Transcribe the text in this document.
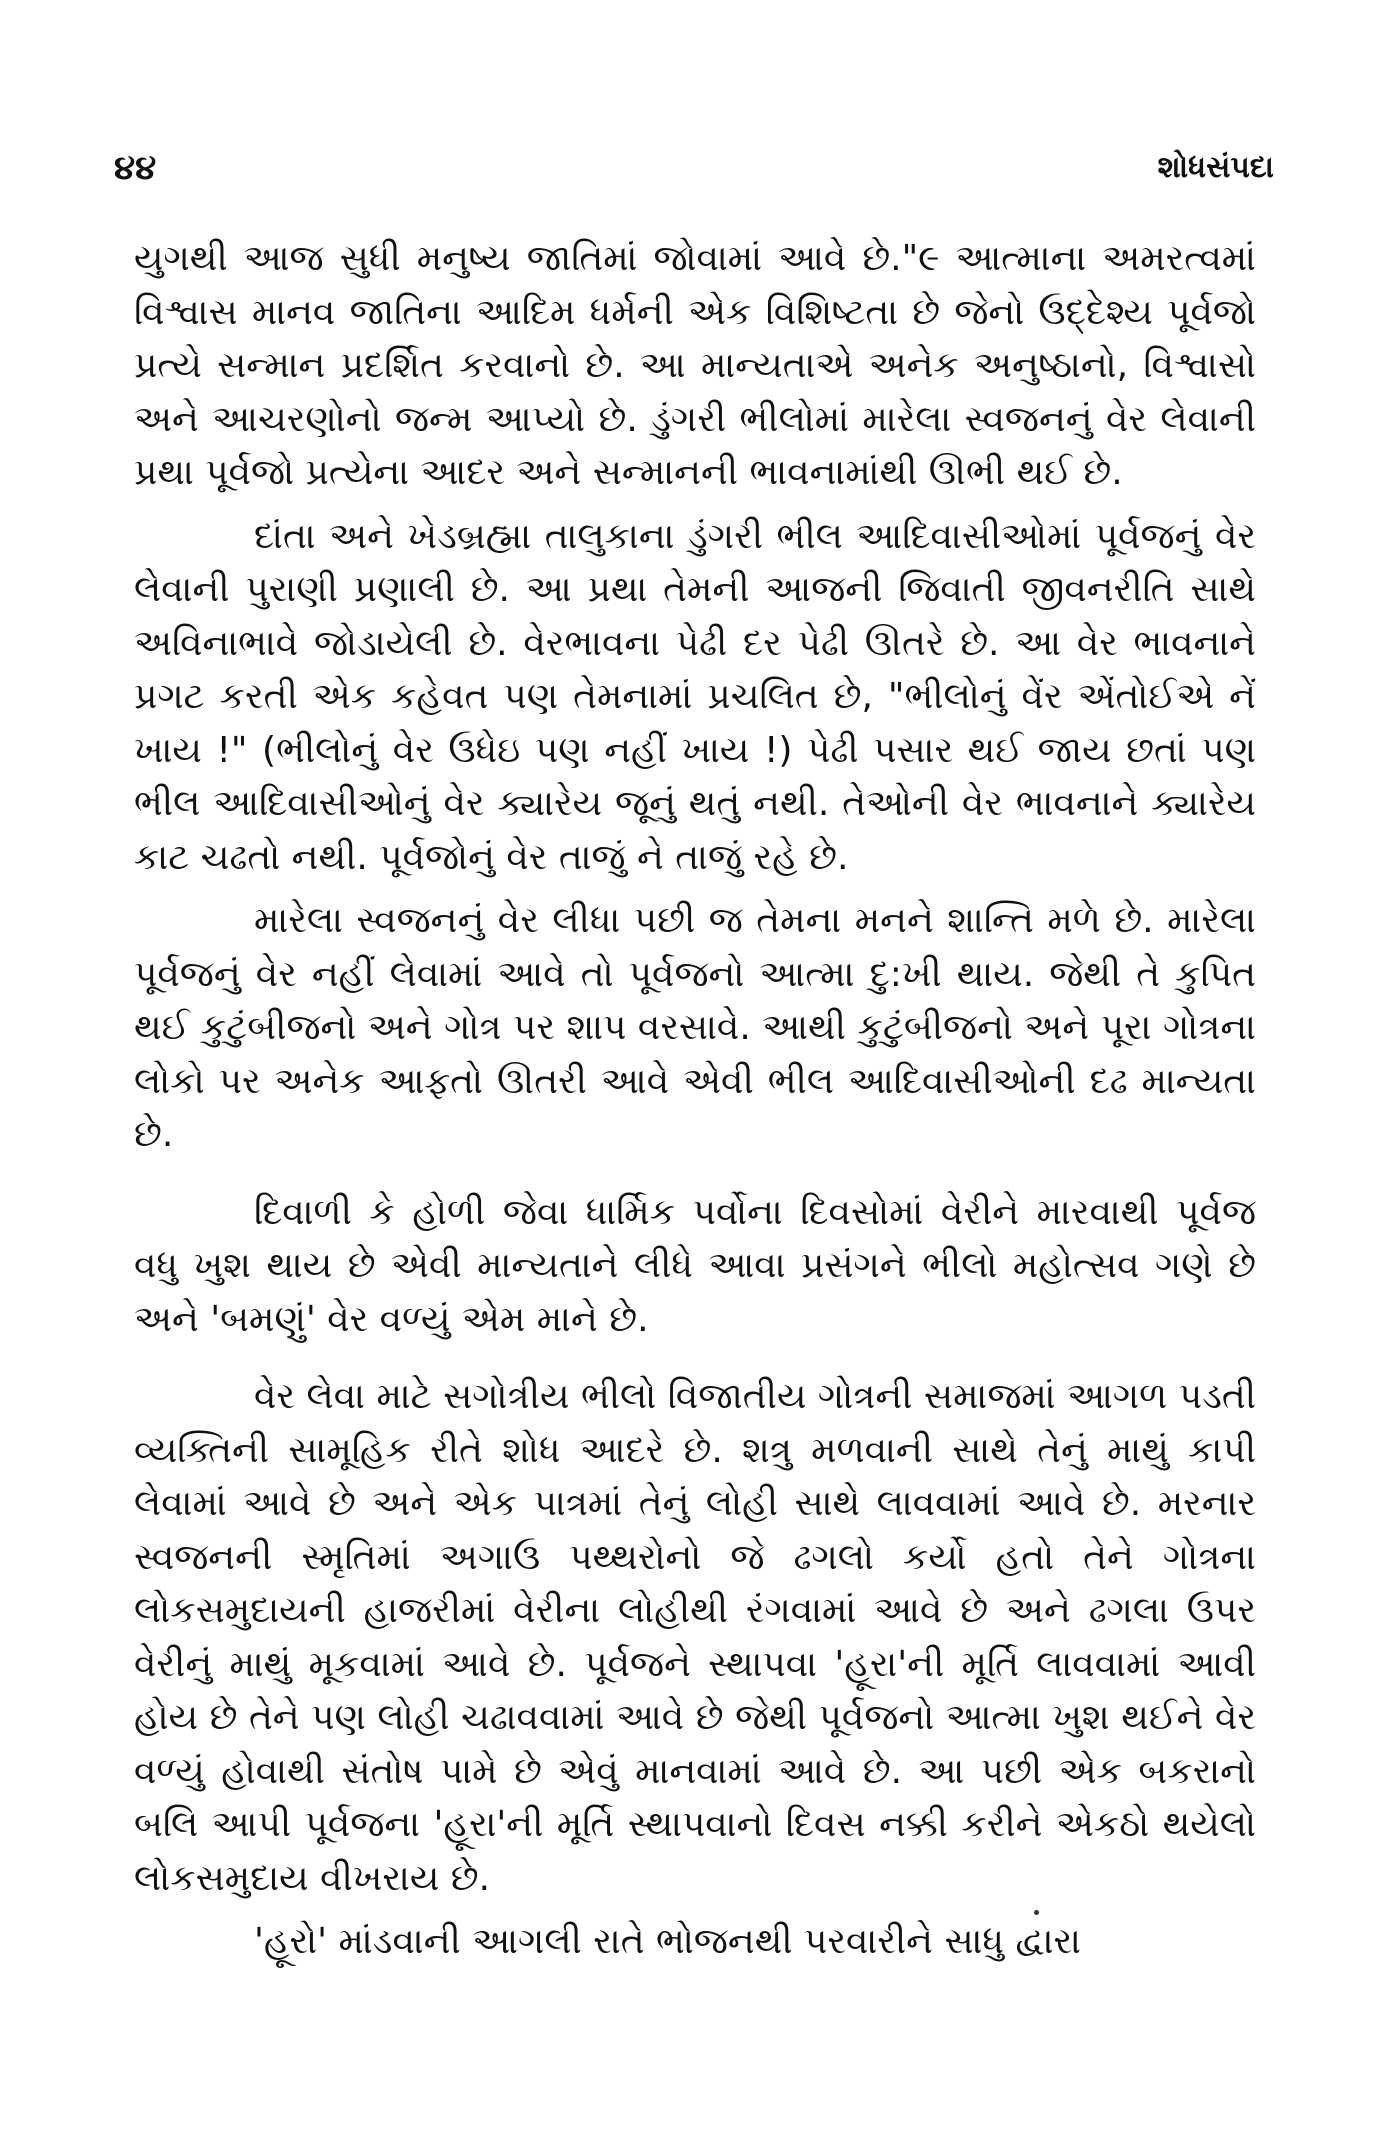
૪૪	શોધસંપદા

યુગથી આજ સુધી મનુષ્ય જાતિમાં જોવામાં આવે છે."૯ આત્માના અમરત્વમાં વિશ્વાસ માનવ જાતિના આદિમ ધર્મની એક વિશિષ્ટતા છે જેનો ઉદ્દેશ્ય પૂર્વજો પ્રત્યે સન્માન પ્રદર્શિત કરવાનો છે. આ માન્યતાએ અનેક અનુષ્ઠાનો, વિશ્વાસો અને આચરણોનો જન્મ આપ્યો છે. ડુંગરી ભીલોમાં મારેલા સ્વજનનું વેર લેવાની પ્રથા પૂર્વજો પ્રત્યેના આદર અને સન્માનની ભાવનામાંથી ઊભી થઈ છે.

દાંતા અને ખેડબ્રહ્મા તાલુકાના ડુંગરી ભીલ આદિવાસીઓમાં પૂર્વજનું વેર લેવાની પુરાણી પ્રણાલી છે. આ પ્રથા તેમની આજની જિવાતી જીવનરીતિ સાથે અવિનાભાવે જોડાયેલી છે. વેરભાવના પેઢી દર પેઢી ઊતરે છે. આ વેર ભાવનાને પ્રગટ કરતી એક કહેવત પણ તેમનામાં પ્રચલિત છે, "ભીલોનું વેંર એંતોઈએ નેં ખાય !" (ભીલોનું વેર ઉધેઇ પણ નહીં ખાય !) પેઢી પસાર થઈ જાય છતાં પણ ભીલ આદિવાસીઓનું વેર ક્યારેય જૂનું થતું નથી. તેઓની વેર ભાવનાને ક્યારેય કાટ ચઢતો નથી. પૂર્વજોનું વેર તાજું ને તાજું રહે છે.

મારેલા સ્વજનનું વેર લીધા પછી જ તેમના મનને શાન્તિ મળે છે. મારેલા પૂર્વજનું વેર નહીં લેવામાં આવે તો પૂર્વજનો આત્મા દુ:ખી થાય. જેથી તે કુપિત થઈ કુટુંબીજનો અને ગોત્ર પર શાપ વરસાવે. આથી કુટુંબીજનો અને પૂરા ગોત્રના લોકો પર અનેક આફતો ઊતરી આવે એવી ભીલ આદિવાસીઓની દઢ માન્યતા છે.

દિવાળી કે હોળી જેવા ધાર્મિક પર્વોના દિવસોમાં વેરીને મારવાથી પૂર્વજ વધુ ખુશ થાય છે એવી માન્યતાને લીધે આવા પ્રસંગને ભીલો મહોત્સવ ગણે છે અને 'બમણું' વેર વળ્યું એમ માને છે.

વેર લેવા માટે સગોત્રીય ભીલો વિજાતીય ગોત્રની સમાજમાં આગળ પડતી વ્યક્તિની સામૂહિક રીતે શોધ આદરે છે. શત્રુ મળવાની સાથે તેનું માથું કાપી લેવામાં આવે છે અને એક પાત્રમાં તેનું લોહી સાથે લાવવામાં આવે છે. મરનાર સ્વજનની સ્મૃતિમાં અગાઉ પથ્થરોનો જે ઢગલો કર્યો હતો તેને ગોત્રના લોકસમુદાયની હાજરીમાં વેરીના લોહીથી રંગવામાં આવે છે અને ઢગલા ઉપર વેરીનું માથું મૂકવામાં આવે છે. પૂર્વજને સ્થાપવા 'હૂરા'ની મૂર્તિ લાવવામાં આવી હોય છે તેને પણ લોહી ચઢાવવામાં આવે છે જેથી પૂર્વજનો આત્મા ખુશ થઈને વેર વળ્યું હોવાથી સંતોષ પામે છે એવું માનવામાં આવે છે. આ પછી એક બકરાનો બલિ આપી પૂર્વજના 'હૂરા'ની મૂર્તિ સ્થાપવાનો દિવસ નક્કી કરીને એકઠો થયેલો લોકસમુદાય વીખરાય છે.

'હૂરો' માંડવાની આગલી રાતે ભોજનથી પરવારીને સાધુ દ્વારા
